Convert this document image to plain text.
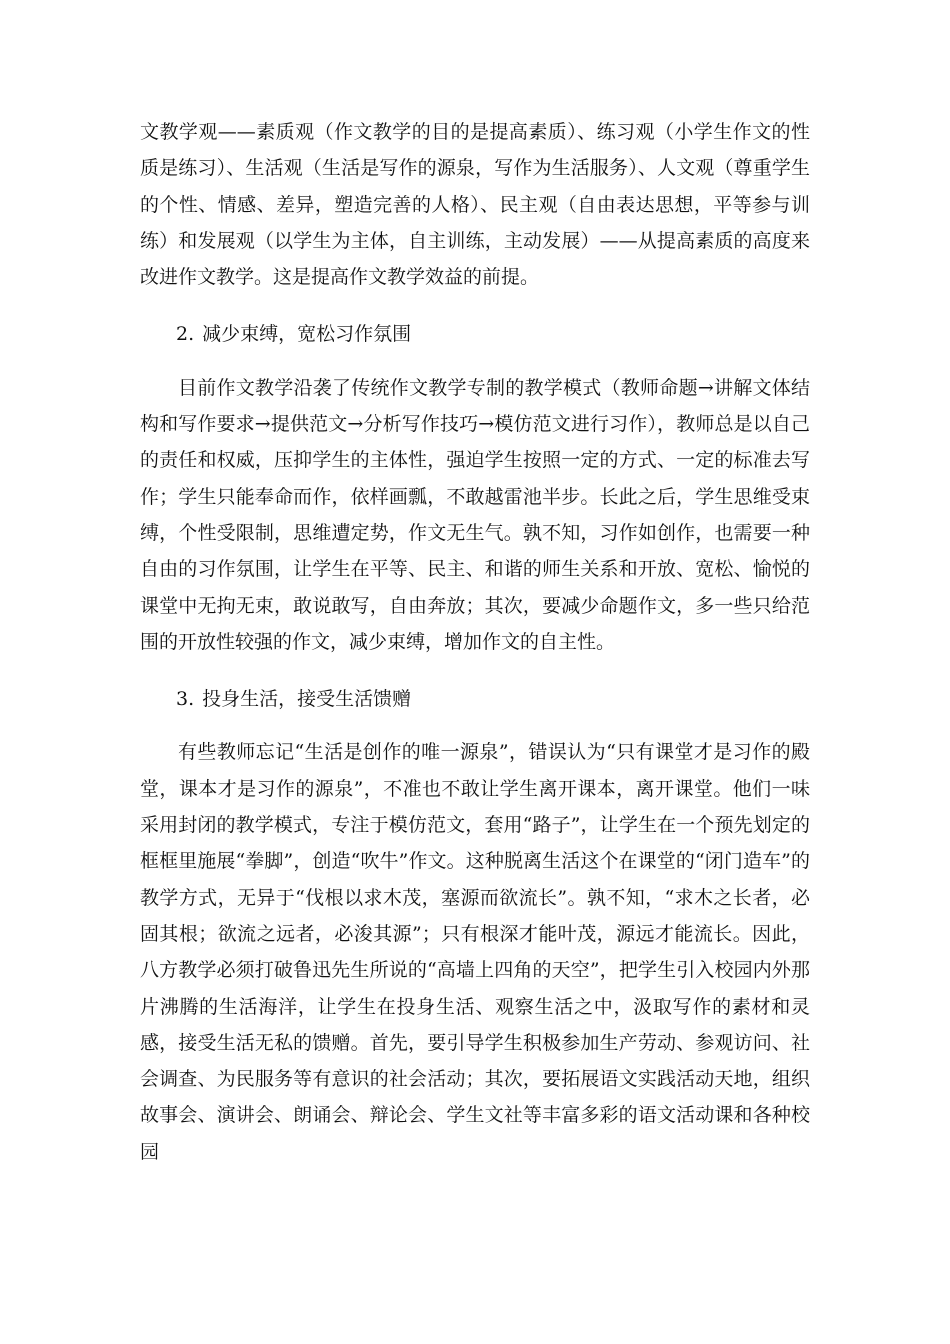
文教学观——素质观（作文教学的目的是提高素质）、练习观（小学生作文的性质是练习）、生活观（生活是写作的源泉，写作为生活服务）、人文观（尊重学生的个性、情感、差异，塑造完善的人格）、民主观（自由表达思想，平等参与训练）和发展观（以学生为主体，自主训练，主动发展）——从提高素质的高度来改进作文教学。这是提高作文教学效益的前提。

2. 减少束缚，宽松习作氛围

目前作文教学沿袭了传统作文教学专制的教学模式（教师命题→讲解文体结构和写作要求→提供范文→分析写作技巧→模仿范文进行习作），教师总是以自己的责任和权威，压抑学生的主体性，强迫学生按照一定的方式、一定的标准去写作；学生只能奉命而作，依样画瓢，不敢越雷池半步。长此之后，学生思维受束缚，个性受限制，思维遭定势，作文无生气。孰不知，习作如创作，也需要一种自由的习作氛围，让学生在平等、民主、和谐的师生关系和开放、宽松、愉悦的课堂中无拘无束，敢说敢写，自由奔放；其次，要减少命题作文，多一些只给范围的开放性较强的作文，减少束缚，增加作文的自主性。

3. 投身生活，接受生活馈赠

有些教师忘记“生活是创作的唯一源泉”，错误认为“只有课堂才是习作的殿堂，课本才是习作的源泉”，不准也不敢让学生离开课本，离开课堂。他们一味采用封闭的教学模式，专注于模仿范文，套用“路子”，让学生在一个预先划定的框框里施展“拳脚”，创造“吹牛”作文。这种脱离生活这个在课堂的“闭门造车”的教学方式，无异于“伐根以求木茂，塞源而欲流长”。孰不知，“求木之长者，必固其根；欲流之远者，必浚其源”；只有根深才能叶茂，源远才能流长。因此，八方教学必须打破鲁迅先生所说的“高墙上四角的天空”，把学生引入校园内外那片沸腾的生活海洋，让学生在投身生活、观察生活之中，汲取写作的素材和灵感，接受生活无私的馈赠。首先，要引导学生积极参加生产劳动、参观访问、社会调查、为民服务等有意识的社会活动；其次，要拓展语文实践活动天地，组织故事会、演讲会、朗诵会、辩论会、学生文社等丰富多彩的语文活动课和各种校园
